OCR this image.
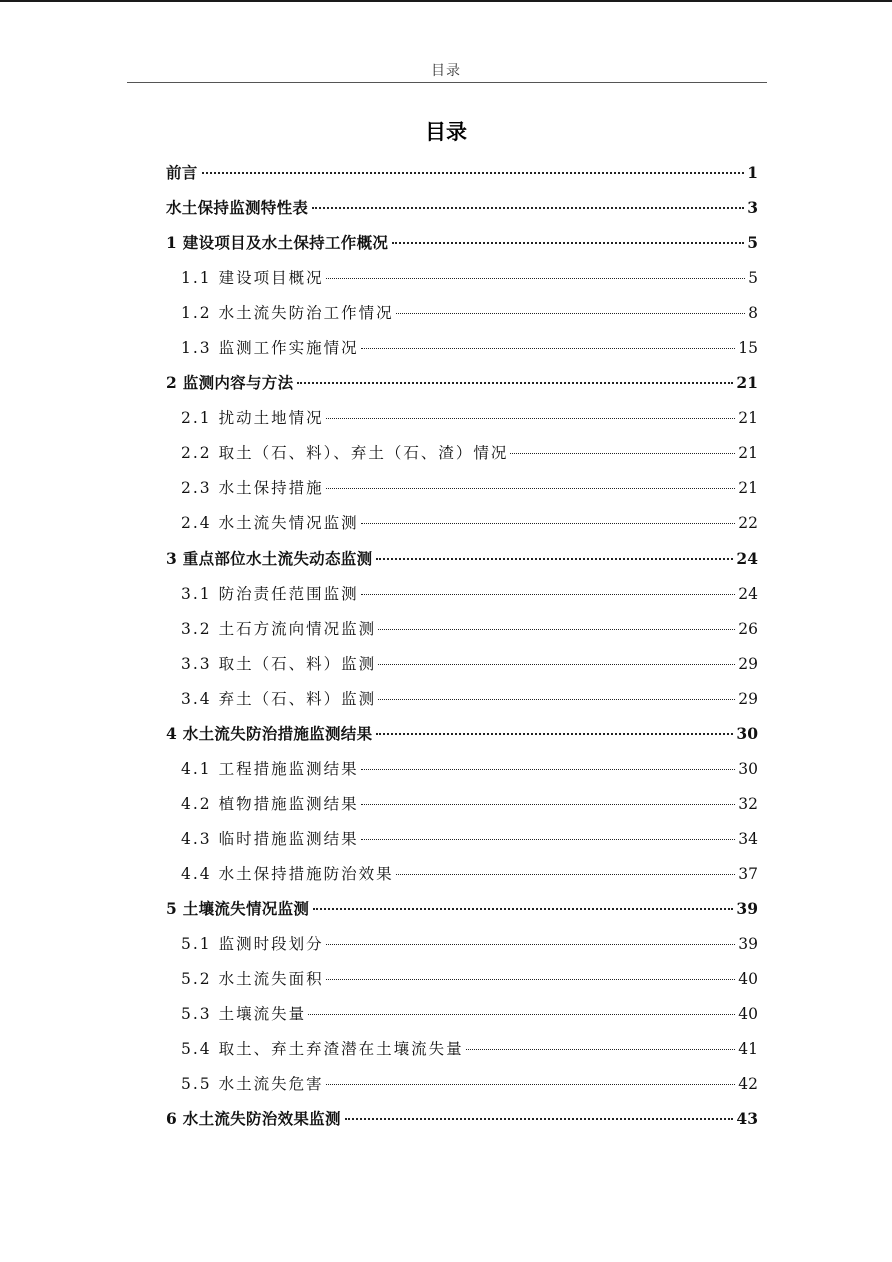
目录
目录
前言	1
水土保持监测特性表	3
1 建设项目及水土保持工作概况	5
1.1 建设项目概况	5
1.2 水土流失防治工作情况	8
1.3 监测工作实施情况	15
2 监测内容与方法	21
2.1 扰动土地情况	21
2.2 取土（石、料）、弃土（石、渣）情况	21
2.3 水土保持措施	21
2.4 水土流失情况监测	22
3 重点部位水土流失动态监测	24
3.1 防治责任范围监测	24
3.2 土石方流向情况监测	26
3.3 取土（石、料）监测	29
3.4 弃土（石、料）监测	29
4 水土流失防治措施监测结果	30
4.1 工程措施监测结果	30
4.2 植物措施监测结果	32
4.3 临时措施监测结果	34
4.4 水土保持措施防治效果	37
5 土壤流失情况监测	39
5.1 监测时段划分	39
5.2 水土流失面积	40
5.3 土壤流失量	40
5.4 取土、弃土弃渣潜在土壤流失量	41
5.5 水土流失危害	42
6 水土流失防治效果监测	43
